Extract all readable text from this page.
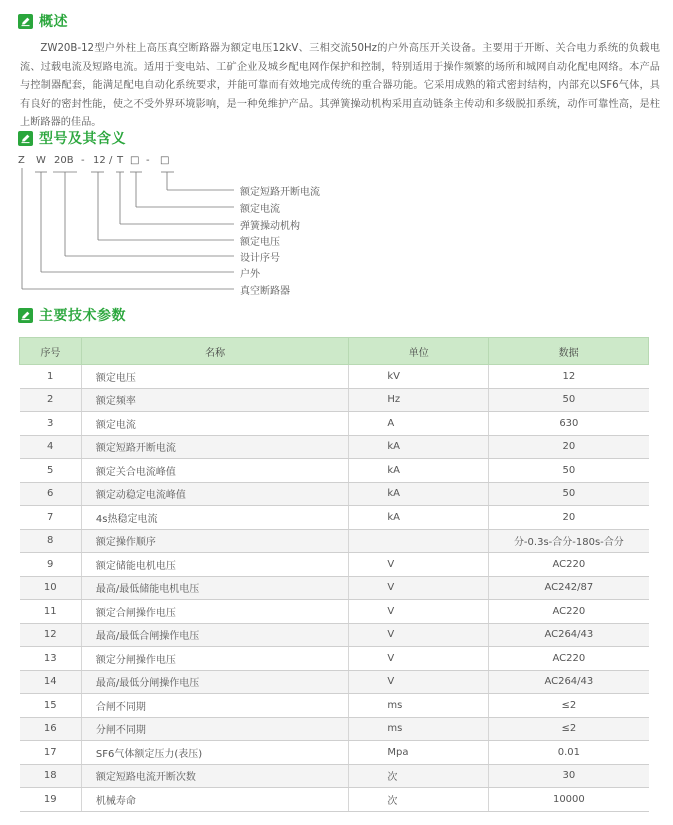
概述

ZW20B-12型户外柱上高压真空断路器为额定电压12kV、三相交流50Hz的户外高压开关设备。主要用于开断、关合电力系统的负载电流、过载电流及短路电流。适用于变电站、工矿企业及城乡配电网作保护和控制，特别适用于操作频繁的场所和城网自动化配电网络。本产品与控制器配套，能满足配电自动化系统要求，并能可靠而有效地完成传统的重合器功能。它采用成熟的箱式密封结构，内部充以SF6气体，具有良好的密封性能，使之不受外界环境影响，是一种免维护产品。其弹簧操动机构采用直动链条主传动和多级脱扣系统，动作可靠性高，是柱上断路器的佳品。

型号及其含义
Z W 20B - 12 / T □ - □
额定短路开断电流
额定电流
弹簧操动机构
额定电压
设计序号
户外
真空断路器
主要技术参数
序号	名称	单位	数据
1	额定电压	kV	12
2	额定频率	Hz	50
3	额定电流	A	630
4	额定短路开断电流	kA	20
5	额定关合电流峰值	kA	50
6	额定动稳定电流峰值	kA	50
7	4s热稳定电流	kA	20
8	额定操作顺序		分-0.3s-合分-180s-合分
9	额定储能电机电压	V	AC220
10	最高/最低储能电机电压	V	AC242/87
11	额定合闸操作电压	V	AC220
12	最高/最低合闸操作电压	V	AC264/43
13	额定分闸操作电压	V	AC220
14	最高/最低分闸操作电压	V	AC264/43
15	合闸不同期	ms	≤2
16	分闸不同期	ms	≤2
17	SF6气体额定压力(表压)	Mpa	0.01
18	额定短路电流开断次数	次	30
19	机械寿命	次	10000
